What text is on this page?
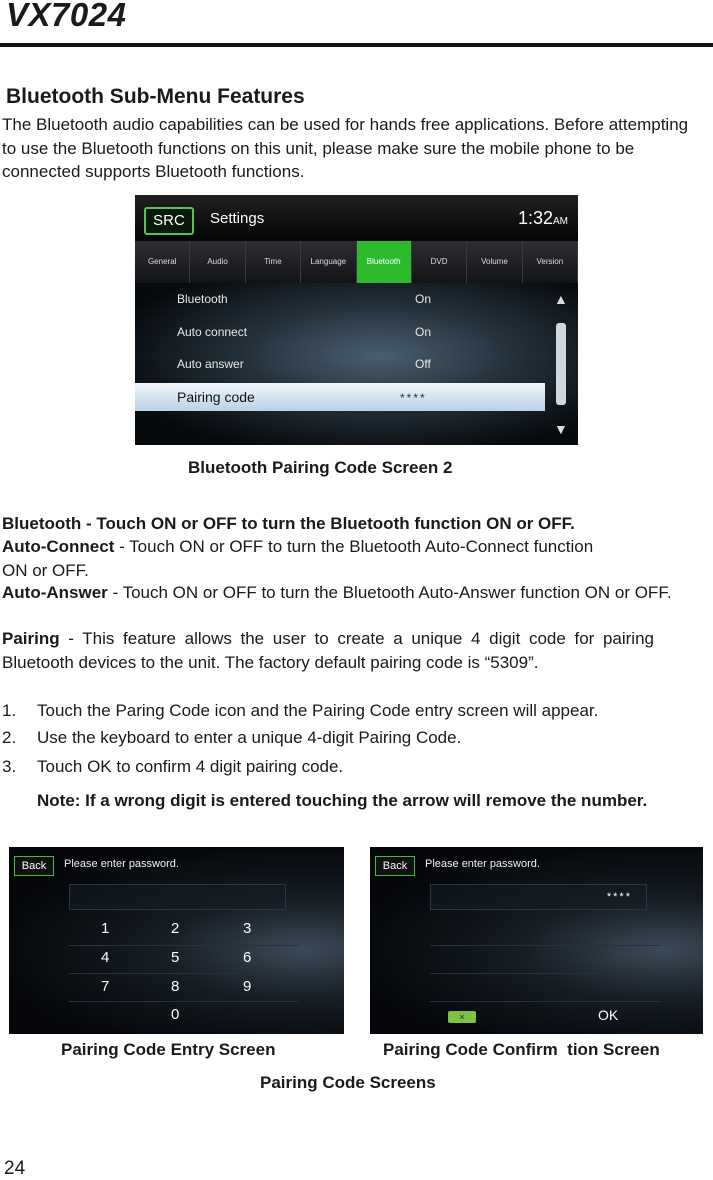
VX7024
Bluetooth Sub-Menu Features
The Bluetooth audio capabilities can be used for hands free applications. Before attempting to use the Bluetooth functions on this unit, please make sure the mobile phone to be connected supports Bluetooth functions.
SRC	Settings	1:32AM
General	Audio	Time	Language	Bluetooth	DVD	Volume	Version
Bluetooth	On
Auto connect	On
Auto answer	Off
Pairing code	****
▲
▼
Bluetooth Pairing Code Screen 2
Bluetooth - Touch ON or OFF to turn the Bluetooth function ON or OFF.
Auto-Connect - Touch ON or OFF to turn the Bluetooth Auto-Connect function ON or OFF.
Auto-Answer - Touch ON or OFF to turn the Bluetooth Auto-Answer function ON or OFF.
Pairing - This feature allows the user to create a unique 4 digit code for pairing Bluetooth devices to the unit. The factory default pairing code is “5309”.
1. Touch the Paring Code icon and the Pairing Code entry screen will appear.
2. Use the keyboard to enter a unique 4-digit Pairing Code.
3. Touch OK to confirm 4 digit pairing code.
Note: If a wrong digit is entered touching the arrow will remove the number.
Back	Please enter password.
1	2	3
4	5	6
7	8	9
0
Back	Please enter password.
****
×	OK
Pairing Code Entry Screen	Pairing Code Confirm  tion Screen
Pairing Code Screens
24
